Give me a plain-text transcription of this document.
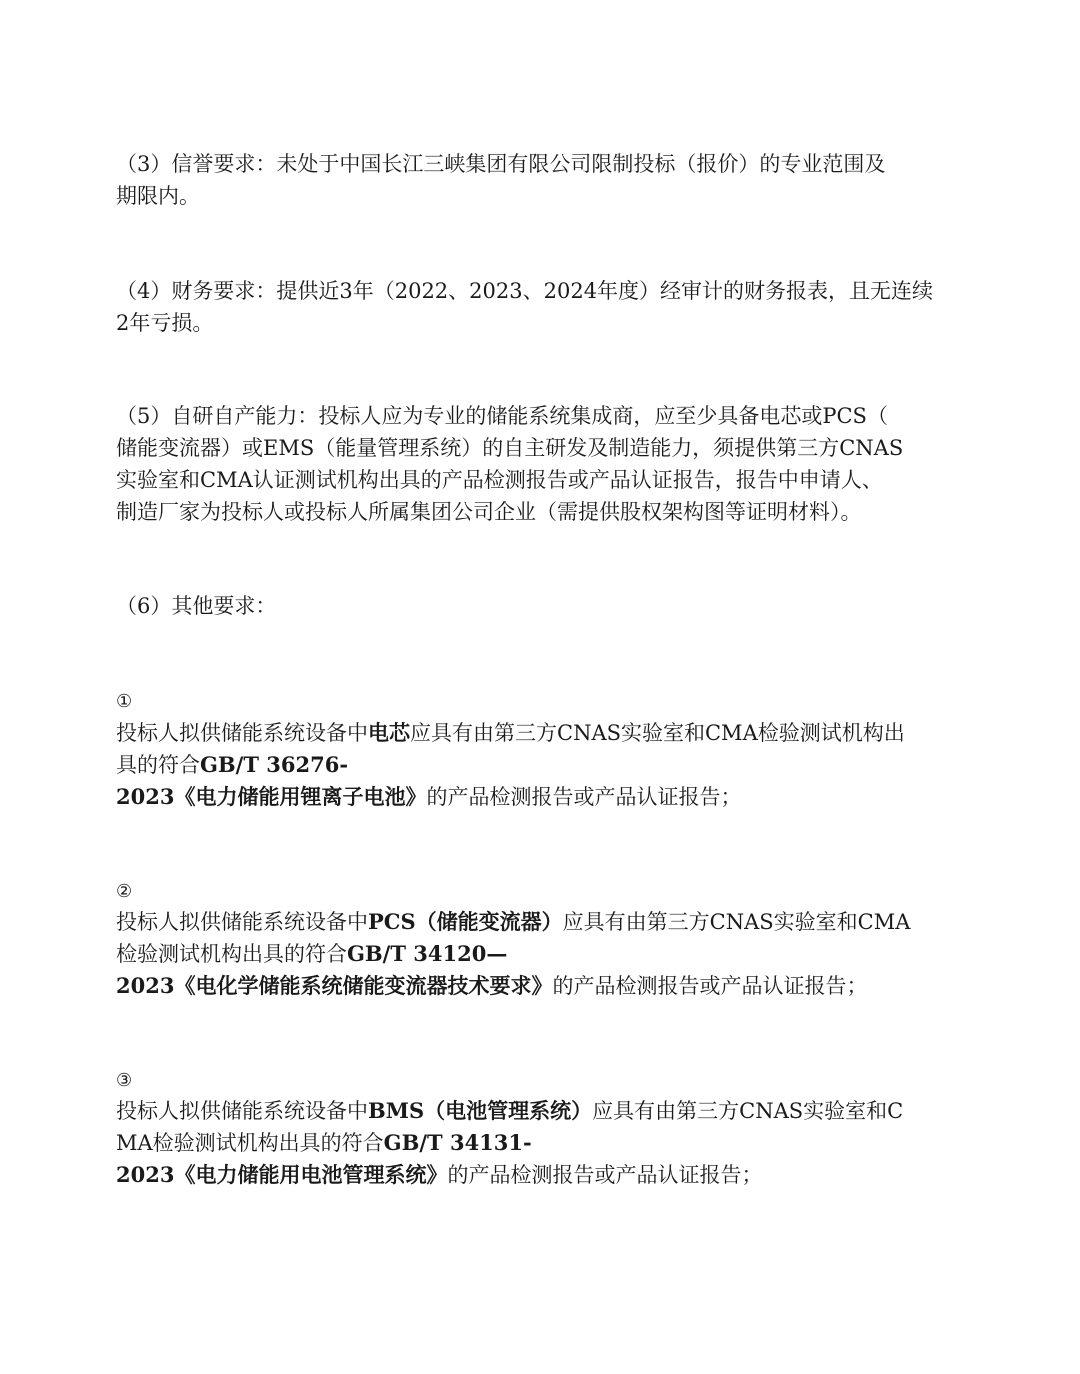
（3）信誉要求：未处于中国长江三峡集团有限公司限制投标（报价）的专业范围及
期限内。
（4）财务要求：提供近3年（2022、2023、2024年度）经审计的财务报表，且无连续
2年亏损。
（5）自研自产能力：投标人应为专业的储能系统集成商，应至少具备电芯或PCS（
储能变流器）或EMS（能量管理系统）的自主研发及制造能力，须提供第三方CNAS
实验室和CMA认证测试机构出具的产品检测报告或产品认证报告，报告中申请人、
制造厂家为投标人或投标人所属集团公司企业（需提供股权架构图等证明材料）。
（6）其他要求：
①
投标人拟供储能系统设备中电芯应具有由第三方CNAS实验室和CMA检验测试机构出
具的符合GB/T 36276-
2023《电力储能用锂离子电池》的产品检测报告或产品认证报告；
②
投标人拟供储能系统设备中PCS（储能变流器）应具有由第三方CNAS实验室和CMA
检验测试机构出具的符合GB/T 34120—
2023《电化学储能系统储能变流器技术要求》的产品检测报告或产品认证报告；
③
投标人拟供储能系统设备中BMS（电池管理系统）应具有由第三方CNAS实验室和C
MA检验测试机构出具的符合GB/T 34131-
2023《电力储能用电池管理系统》的产品检测报告或产品认证报告；
